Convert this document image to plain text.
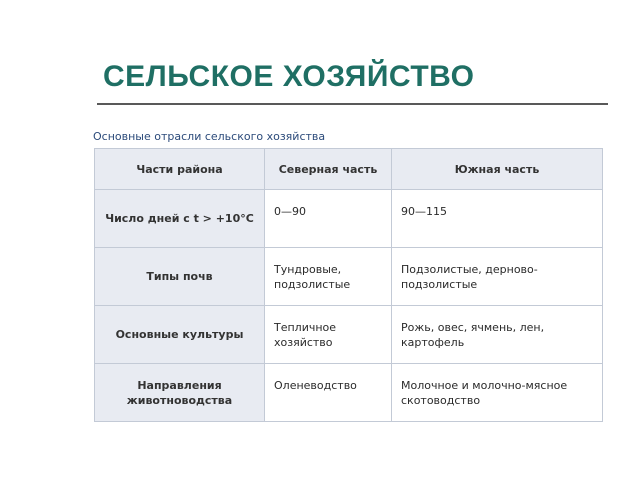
СЕЛЬСКОЕ ХОЗЯЙСТВО
Основные отрасли сельского хозяйства
Части района	Северная часть	Южная часть
Число дней с t > +10°С	0—90	90—115
Типы почв	Тундровые, подзолистые	Подзолистые, дерново-подзолистые
Основные культуры	Тепличное хозяйство	Рожь, овес, ячмень, лен, картофель
Направления животноводства	Оленеводство	Молочное и молочно-мясное скотоводство
